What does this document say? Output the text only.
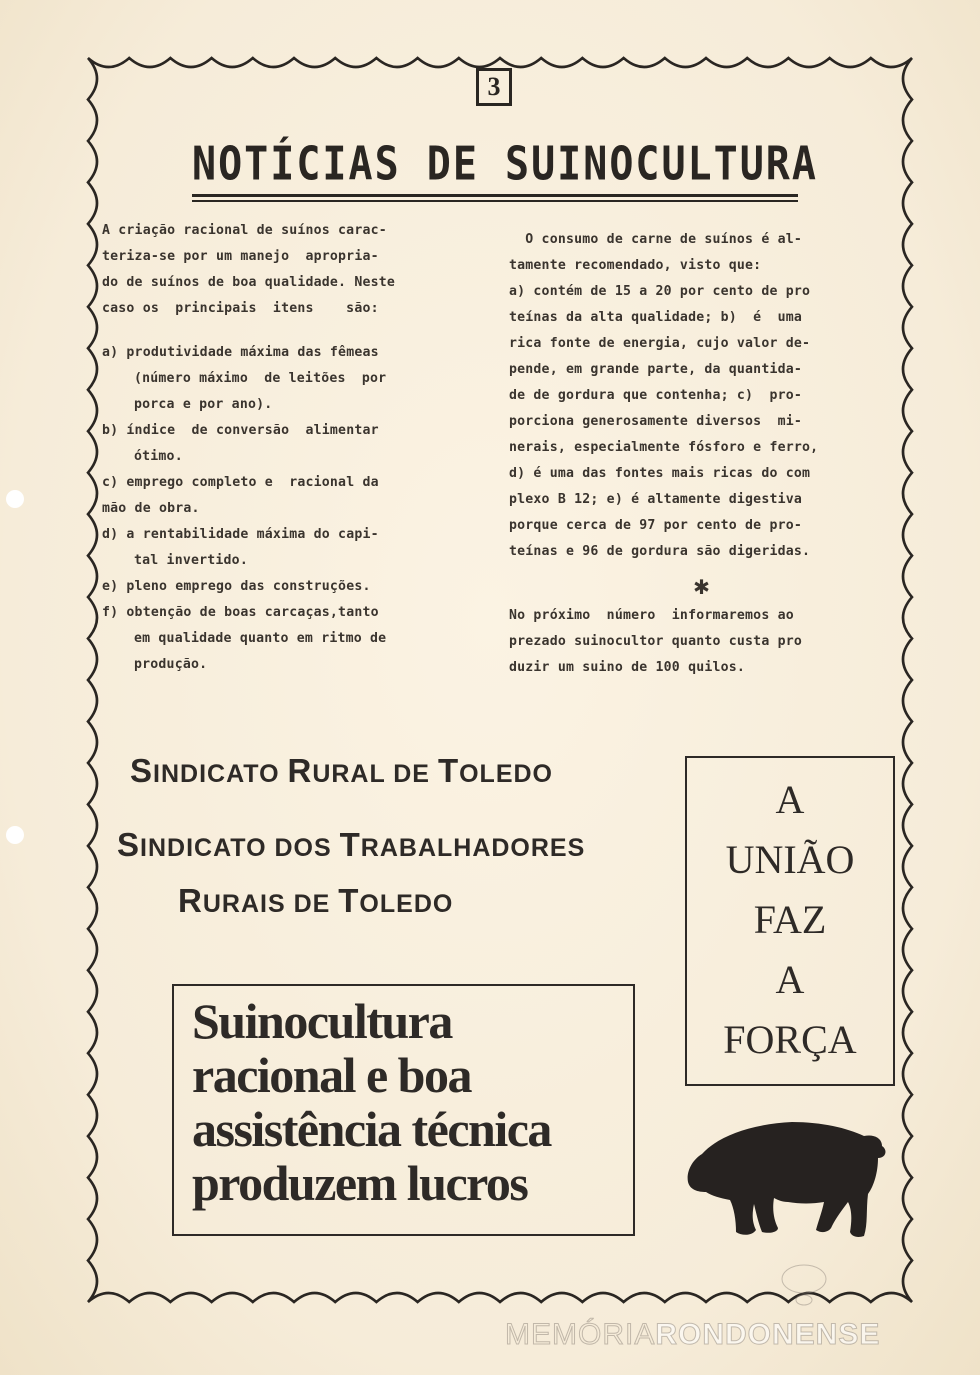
3
NOTÍCIAS DE SUINOCULTURA
A criação racional de suínos carac-
teriza-se por um manejo  apropria-
do de suínos de boa qualidade. Neste
caso os  principais  itens    são:
a) produtividade máxima das fêmeas
(número máximo  de leitões  por
porca e por ano).
b) índice  de conversão  alimentar
ótimo.
c) emprego completo e  racional da
mão de obra.
d) a rentabilidade máxima do capi-
tal invertido.
e) pleno emprego das construções.
f) obtenção de boas carcaças,tanto
em qualidade quanto em ritmo de
produção.
O consumo de carne de suínos é al-
tamente recomendado, visto que:
a) contém de 15 a 20 por cento de pro
teínas da alta qualidade; b)  é  uma
rica fonte de energia, cujo valor de-
pende, em grande parte, da quantida-
de de gordura que contenha; c)  pro-
porciona generosamente diversos  mi-
nerais, especialmente fósforo e ferro,
d) é uma das fontes mais ricas do com
plexo B 12; e) é altamente digestiva
porque cerca de 97 por cento de pro-
teínas e 96 de gordura são digeridas.
✱
No próximo  número  informaremos ao
prezado suinocultor quanto custa pro
duzir um suino de 100 quilos.
SINDICATO RURAL DE TOLEDO
SINDICATO DOS TRABALHADORES
RURAIS DE TOLEDO
A
UNIÃO
FAZ
A
FORÇA
Suinocultura
racional e boa
assistência técnica
produzem lucros
MEMÓRIARONDONENSE
